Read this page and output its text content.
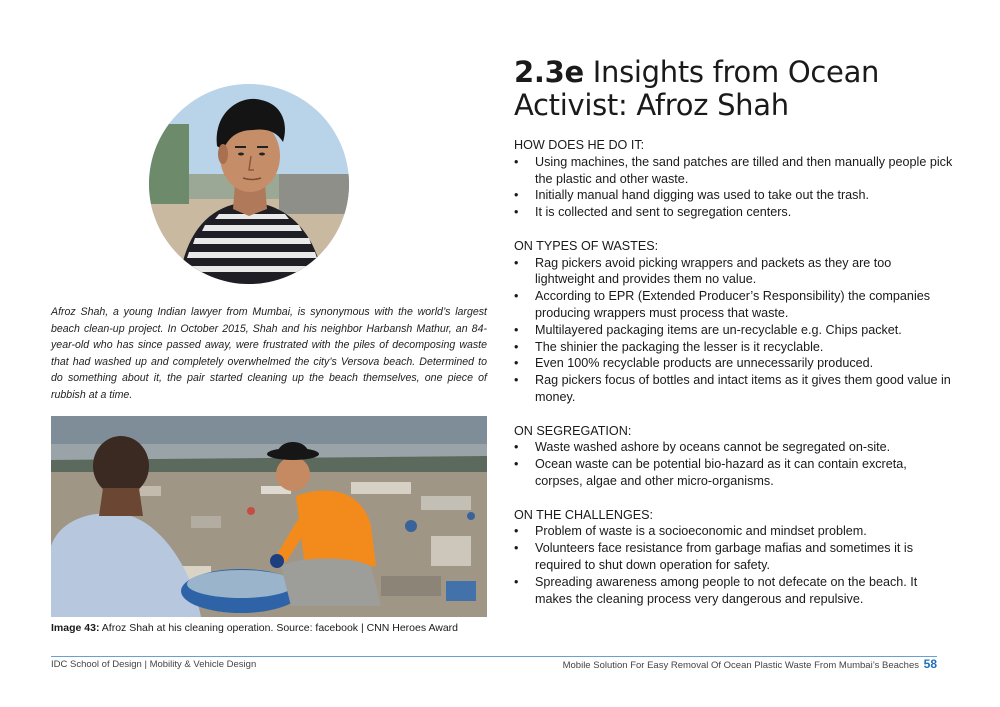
Afroz Shah, a young Indian lawyer from Mumbai, is synonymous with the world’s largest beach clean-up project. In October 2015, Shah and his neighbor Harbansh Mathur, an 84-year-old who has since passed away, were frustrated with the piles of decomposing waste that had washed up and completely overwhelmed the city’s Versova beach. Determined to do something about it, the pair started cleaning up the beach themselves, one piece of rubbish at a time.

Image 43: Afroz Shah at his cleaning operation. Source: facebook | CNN Heroes Award

2.3e Insights from Ocean Activist: Afroz Shah
HOW DOES HE DO IT:
• Using machines, the sand patches are tilled and then manually people pick the plastic and other waste.
• Initially manual hand digging was used to take out the trash.
• It is collected and sent to segregation centers.
ON TYPES OF WASTES:
• Rag pickers avoid picking wrappers and packets as they are too lightweight and provides them no value.
• According to EPR (Extended Producer’s Responsibility) the companies producing wrappers must process that waste.
• Multilayered packaging items are un-recyclable e.g. Chips packet.
• The shinier the packaging the lesser is it recyclable.
• Even 100% recyclable products are unnecessarily produced.
• Rag pickers focus of bottles and intact items as it gives them good value in money.
ON SEGREGATION:
• Waste washed ashore by oceans cannot be segregated on-site.
• Ocean waste can be potential bio-hazard as it can contain excreta, corpses, algae and other micro-organisms.
ON THE CHALLENGES:
• Problem of waste is a socioeconomic and mindset problem.
• Volunteers face resistance from garbage mafias and sometimes it is required to shut down operation for safety.
• Spreading awareness among people to not defecate on the beach. It makes the cleaning process very dangerous and repulsive.
IDC School of Design | Mobility & Vehicle Design	Mobile Solution For Easy Removal Of Ocean Plastic Waste From Mumbai’s Beaches 58
